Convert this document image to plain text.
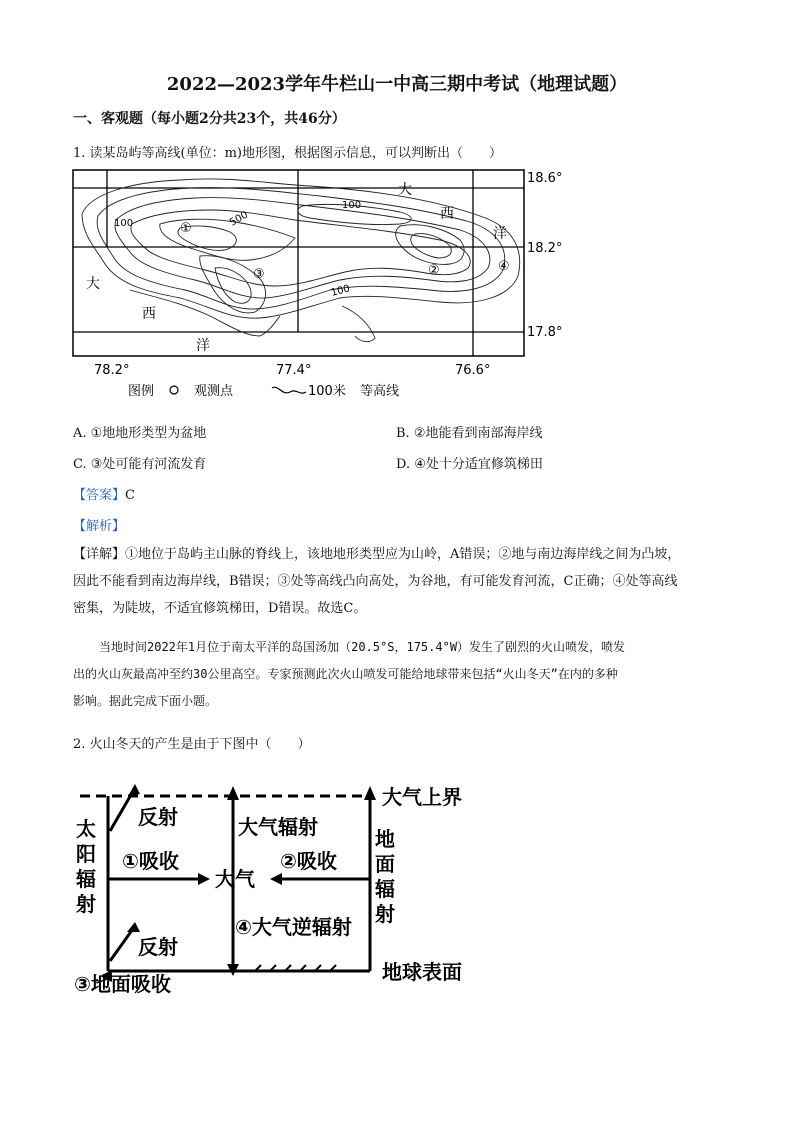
2022—2023学年牛栏山一中高三期中考试（地理试题）
一、客观题（每小题2分共23个，共46分）
1. 读某岛屿等高线(单位：m)地形图，根据图示信息，可以判断出（　　）
100	500
100
100
①
②
③
④
大
西
洋
大
西
洋
18.6°
18.2°
17.8°
78.2°	77.4°	76.6°
图例	观测点	100米 等高线
A. ①地地形类型为盆地	B. ②地能看到南部海岸线
C. ③处可能有河流发育	D. ④处十分适宜修筑梯田
【答案】C
【解析】
【详解】①地位于岛屿主山脉的脊线上，该地地形类型应为山岭，A错误；②地与南边海岸线之间为凸坡，
因此不能看到南边海岸线，B错误；③处等高线凸向高处，为谷地，有可能发育河流，C正确；④处等高线
密集，为陡坡，不适宜修筑梯田，D错误。故选C。
当地时间2022年1月位于南太平洋的岛国汤加（20.5°S，175.4°W）发生了剧烈的火山喷发，喷发
出的火山灰最高冲至约30公里高空。专家预测此次火山喷发可能给地球带来包括“火山冬天”在内的多种
影响。据此完成下面小题。
2. 火山冬天的产生是由于下图中（　　）
大气上界
反射
太
阳
辐
射
①吸收
大气
②吸收
大气辐射	地
面
辐
射
④大气逆辐射
反射
③地面吸收	地球表面
